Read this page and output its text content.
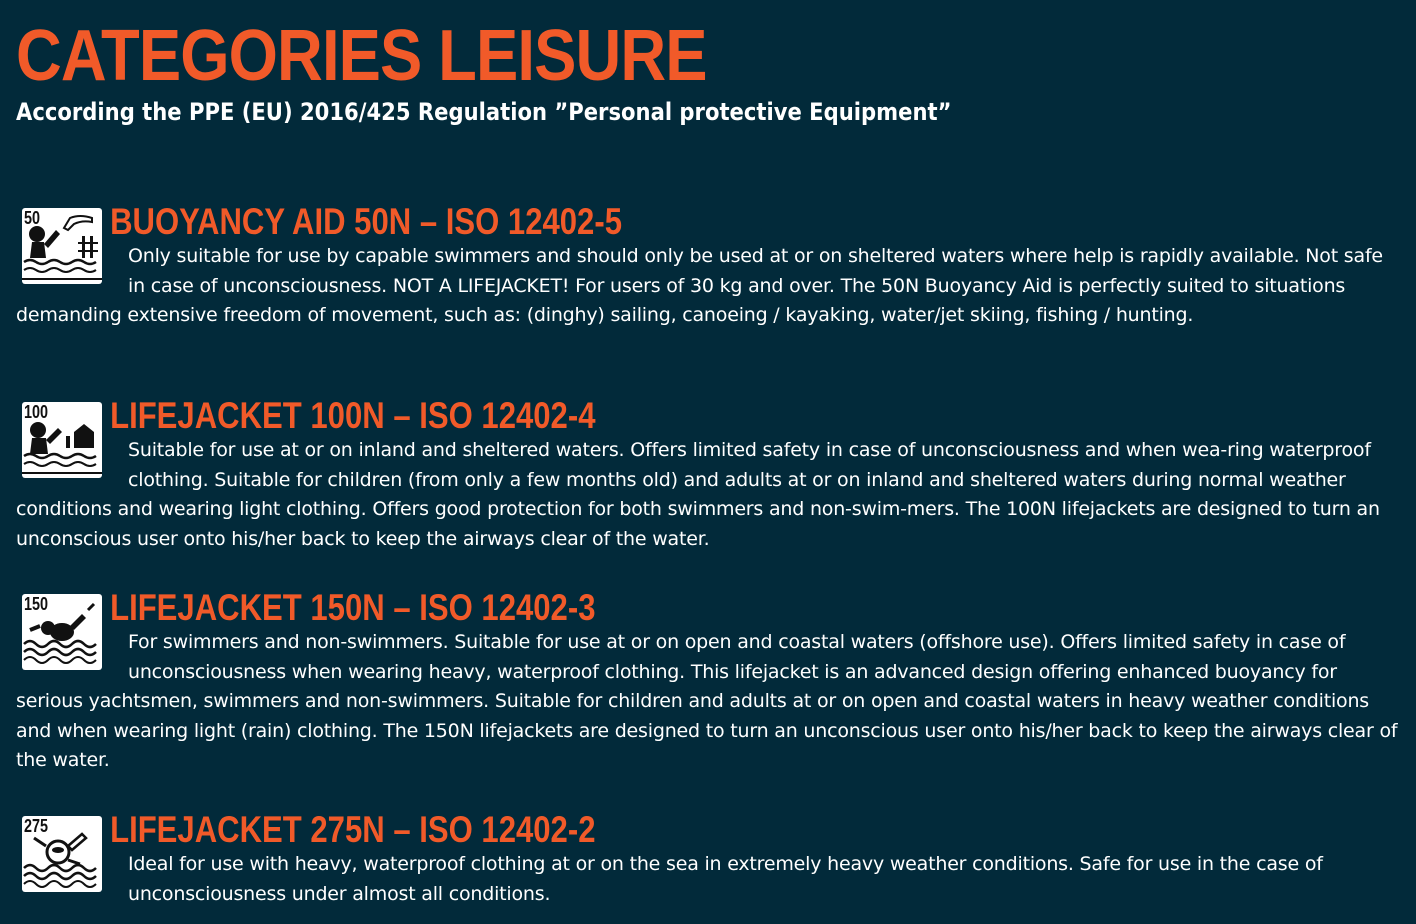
CATEGORIES LEISURE

According the PPE (EU) 2016/425 Regulation ”Personal protective Equipment”

50	BUOYANCY AID 50N – ISO 12402-5

Only suitable for use by capable swimmers and should only be used at or on sheltered waters where help is rapidly available. Not safe in case of unconsciousness. NOT A LIFEJACKET! For users of 30 kg and over. The 50N Buoyancy Aid is perfectly suited to situations demanding extensive freedom of movement, such as: (dinghy) sailing, canoeing / kayaking, water/jet skiing, fishing / hunting.

100	LIFEJACKET 100N – ISO 12402-4

Suitable for use at or on inland and sheltered waters. Offers limited safety in case of unconsciousness and when wea-ring waterproof clothing. Suitable for children (from only a few months old) and adults at or on inland and sheltered waters during normal weather conditions and wearing light clothing. Offers good protection for both swimmers and non-swim-mers. The 100N lifejackets are designed to turn an unconscious user onto his/her back to keep the airways clear of the water.

150	LIFEJACKET 150N – ISO 12402-3

For swimmers and non-swimmers. Suitable for use at or on open and coastal waters (offshore use). Offers limited safety in case of unconsciousness when wearing heavy, waterproof clothing. This lifejacket is an advanced design offering enhanced buoyancy for serious yachtsmen, swimmers and non-swimmers. Suitable for children and adults at or on open and coastal waters in heavy weather conditions and when wearing light (rain) clothing. The 150N lifejackets are designed to turn an unconscious user onto his/her back to keep the airways clear of the water.

275	LIFEJACKET 275N – ISO 12402-2

Ideal for use with heavy, waterproof clothing at or on the sea in extremely heavy weather conditions. Safe for use in the case of unconsciousness under almost all conditions.
